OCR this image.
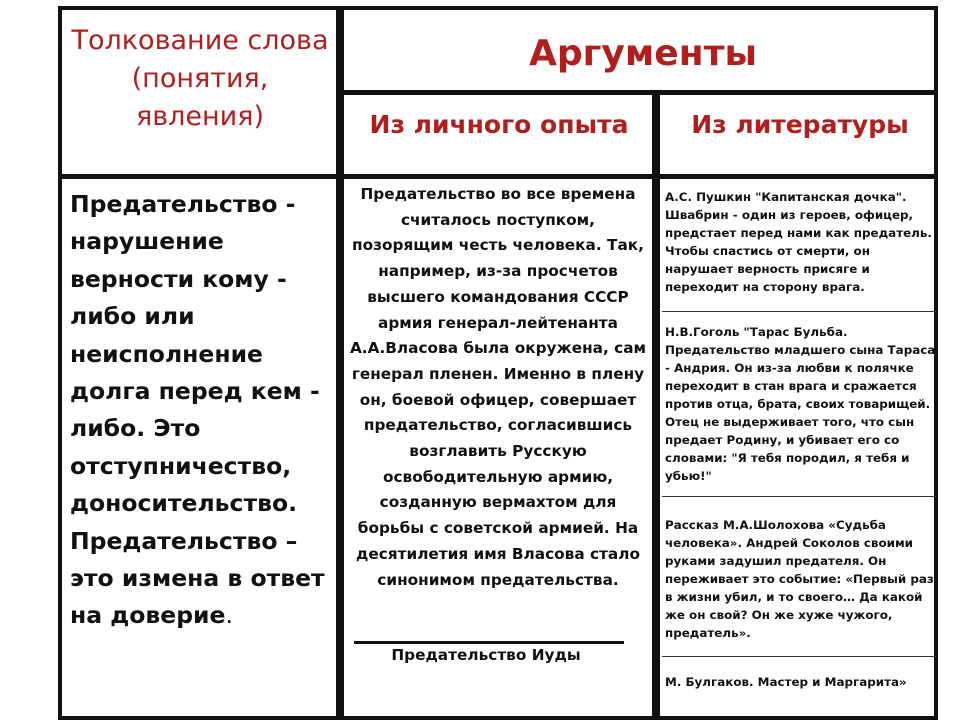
Толкование слова (понятия, явления)
Аргументы
Из личного опыта	Из литературы
Предательство - нарушение верности кому - либо или неисполнение долга перед кем - либо. Это отступничество, доносительство. Предательство – это измена в ответ на доверие.
Предательство во все времена считалось поступком, позорящим честь человека. Так, например, из-за просчетов высшего командования СССР армия генерал-лейтенанта А.А.Власова была окружена, сам генерал пленен. Именно в плену он, боевой офицер, совершает предательство, согласившись возглавить Русскую освободительную армию, созданную вермахтом для борьбы с советской армией. На десятилетия имя Власова стало синонимом предательства.
Предательство Иуды
А.С. Пушкин "Капитанская дочка". Швабрин - один из героев, офицер, предстает перед нами как предатель. Чтобы спастись от смерти, он нарушает верность присяге и переходит на сторону врага.
Н.В.Гоголь "Тарас Бульба. Предательство младшего сына Тараса - Андрия. Он из-за любви к полячке переходит в стан врага и сражается против отца, брата, своих товарищей. Отец не выдерживает того, что сын предает Родину, и убивает его со словами: "Я тебя породил, я тебя и убью!"
Рассказ М.А.Шолохова «Судьба человека». Андрей Соколов своими руками задушил предателя. Он переживает это событие: «Первый раз в жизни убил, и то своего… Да какой же он свой? Он же хуже чужого, предатель».
М. Булгаков. Мастер и Маргарита»
